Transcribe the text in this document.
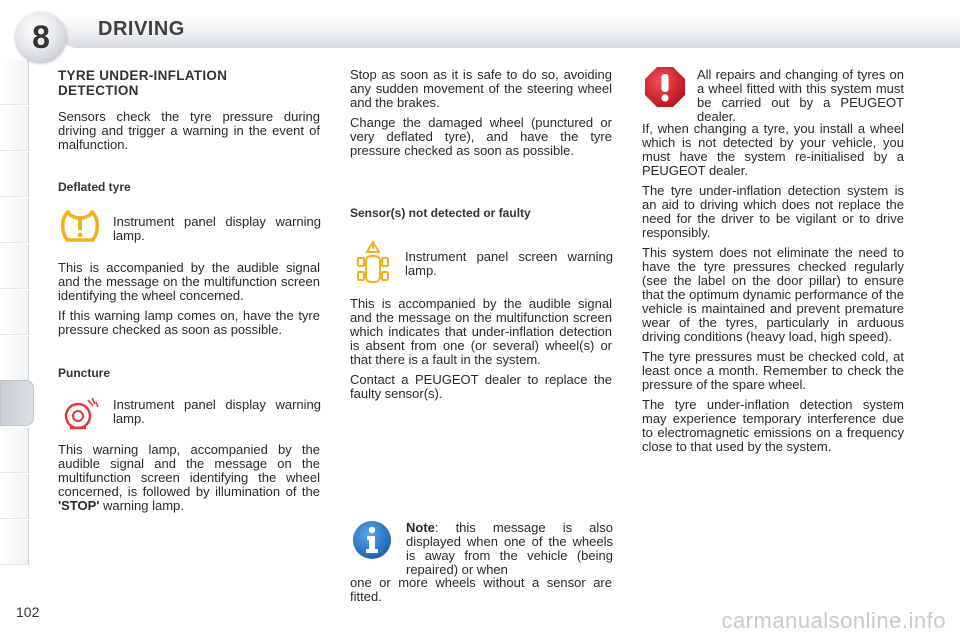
8 DRIVING
TYRE UNDER-INFLATION DETECTION

Sensors check the tyre pressure during driving and trigger a warning in the event of malfunction.

Deflated tyre
Instrument panel display warning lamp.

This is accompanied by the audible signal and the message on the multifunction screen identifying the wheel concerned.

If this warning lamp comes on, have the tyre pressure checked as soon as possible.

Puncture
Instrument panel display warning lamp.

This warning lamp, accompanied by the audible signal and the message on the multifunction screen identifying the wheel concerned, is followed by illumination of the 'STOP' warning lamp.

Stop as soon as it is safe to do so, avoiding any sudden movement of the steering wheel and the brakes.

Change the damaged wheel (punctured or very deflated tyre), and have the tyre pressure checked as soon as possible.

Sensor(s) not detected or faulty
Instrument panel screen warning lamp.

This is accompanied by the audible signal and the message on the multifunction screen which indicates that under-inflation detection is absent from one (or several) wheel(s) or that there is a fault in the system.

Contact a PEUGEOT dealer to replace the faulty sensor(s).

Note: this message is also displayed when one of the wheels is away from the vehicle (being repaired) or when
one or more wheels without a sensor are fitted.
All repairs and changing of tyres on a wheel fitted with this system must be carried out by a PEUGEOT dealer.

If, when changing a tyre, you install a wheel which is not detected by your vehicle, you must have the system re-initialised by a PEUGEOT dealer.

The tyre under-inflation detection system is an aid to driving which does not replace the need for the driver to be vigilant or to drive responsibly.

This system does not eliminate the need to have the tyre pressures checked regularly (see the label on the door pillar) to ensure that the optimum dynamic performance of the vehicle is maintained and prevent premature wear of the tyres, particularly in arduous driving conditions (heavy load, high speed).

The tyre pressures must be checked cold, at least once a month. Remember to check the pressure of the spare wheel.

The tyre under-inflation detection system may experience temporary interference due to electromagnetic emissions on a frequency close to that used by the system.

102	carmanualsonline.info
